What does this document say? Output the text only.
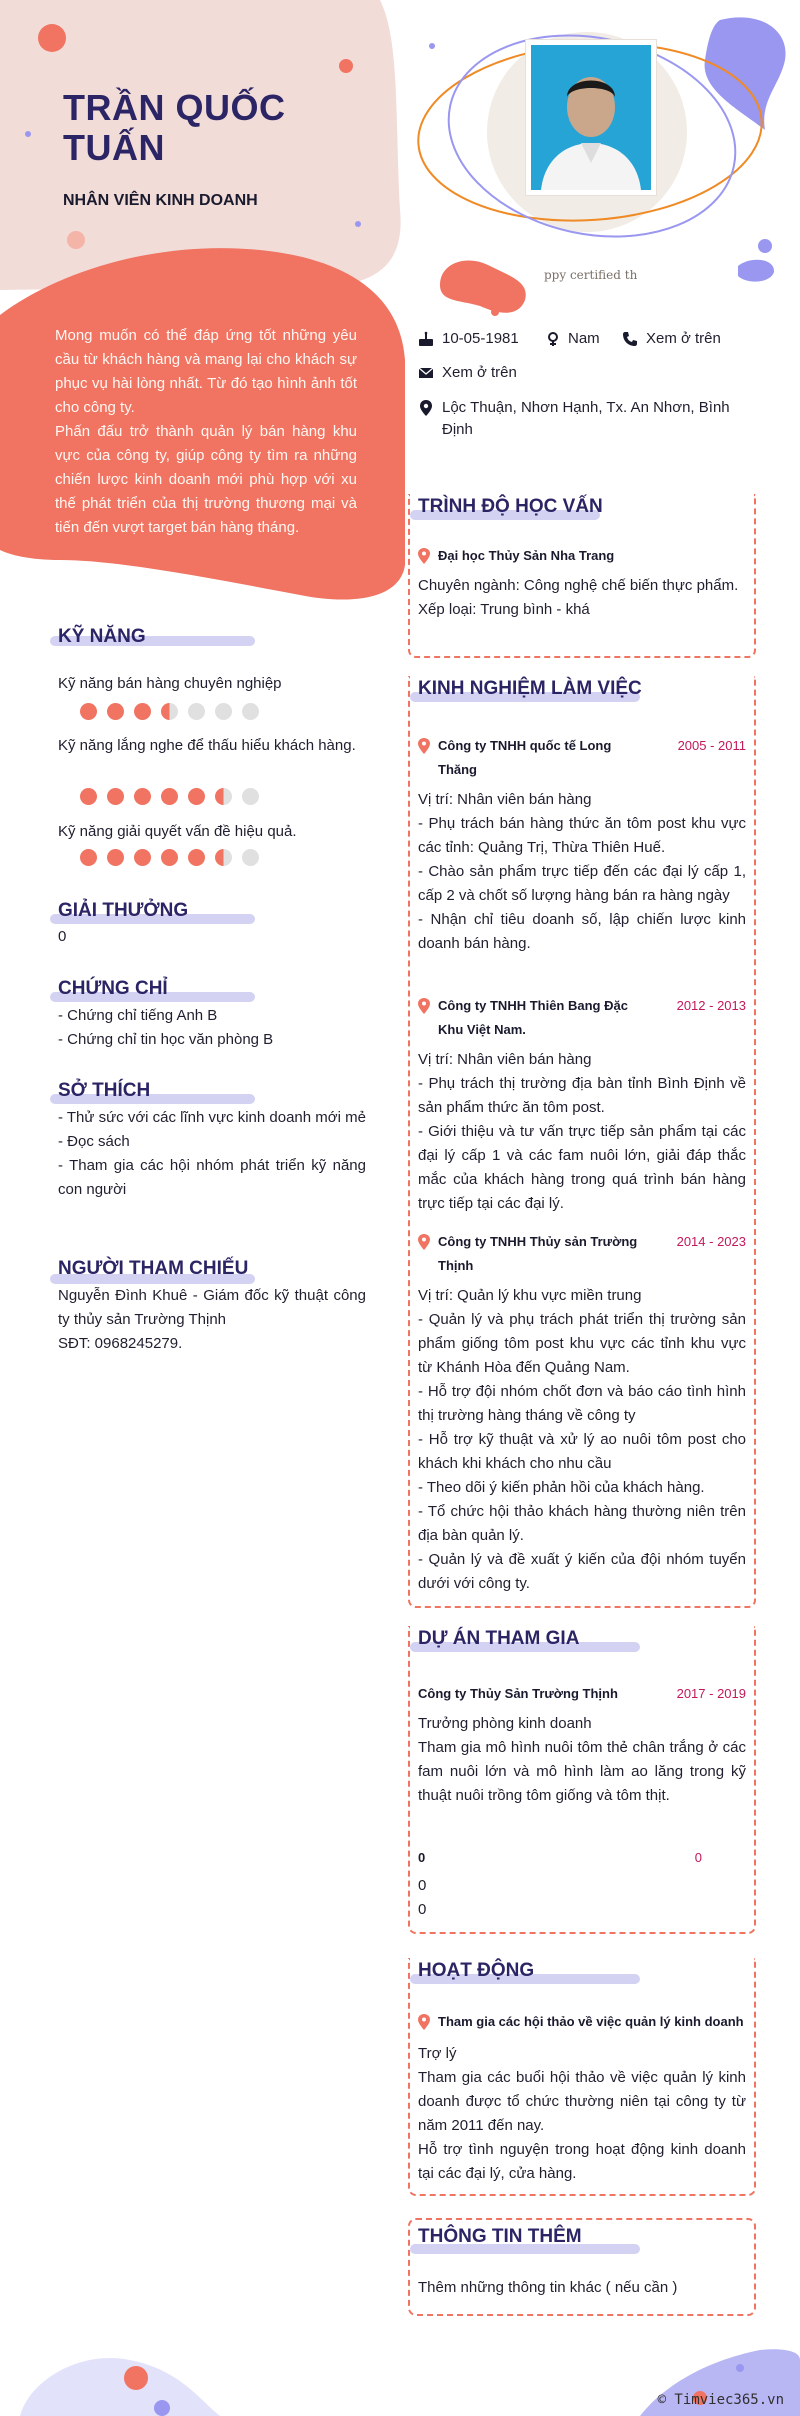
TRẦN QUỐC TUẤN

NHÂN VIÊN KINH DOANH

Mong muốn có thể đáp ứng tốt những yêu cầu từ khách hàng và mang lại cho khách sự phục vụ hài lòng nhất. Từ đó tạo hình ảnh tốt cho công ty.
Phấn đấu trở thành quản lý bán hàng khu vực của công ty, giúp công ty tìm ra những chiến lược kinh doanh mới phù hợp với xu thế phát triển của thị trường thương mại và tiến đến vượt target bán hàng tháng.

ppy certified th
10-05-1981	Nam	Xem ở trên
Xem ở trên
Lộc Thuận, Nhơn Hạnh, Tx. An Nhơn, Bình Định
KỸ NĂNG
Kỹ năng bán hàng chuyên nghiệp
Kỹ năng lắng nghe để thấu hiểu khách hàng.
Kỹ năng giải quyết vấn đề hiệu quả.
GIẢI THƯỞNG

0

CHỨNG CHỈ
- Chứng chỉ tiếng Anh B
- Chứng chỉ tin học văn phòng B
SỞ THÍCH
- Thử sức với các lĩnh vực kinh doanh mới mẻ
- Đọc sách
- Tham gia các hội nhóm phát triển kỹ năng con người
NGƯỜI THAM CHIẾU
Nguyễn Đình Khuê - Giám đốc kỹ thuật công ty thủy sản Trường Thịnh
SĐT: 0968245279.
TRÌNH ĐỘ HỌC VẤN
Đại học Thủy Sản Nha Trang
Chuyên ngành: Công nghệ chế biến thực phẩm.
Xếp loại: Trung bình - khá
KINH NGHIỆM LÀM VIỆC
Công ty TNHH quốc tế Long Thăng
2005 - 2011
Vị trí: Nhân viên bán hàng
- Phụ trách bán hàng thức ăn tôm post khu vực các tỉnh: Quảng Trị, Thừa Thiên Huế.
- Chào sản phẩm trực tiếp đến các đại lý cấp 1, cấp 2 và chốt số lượng hàng bán ra hàng ngày
- Nhận chỉ tiêu doanh số, lập chiến lược kinh doanh bán hàng.
Công ty TNHH Thiên Bang Đặc Khu Việt Nam.
2012 - 2013
Vị trí: Nhân viên bán hàng
- Phụ trách thị trường địa bàn tỉnh Bình Định về sản phẩm thức ăn tôm post.
- Giới thiệu và tư vấn trực tiếp sản phẩm tại các đại lý cấp 1 và các fam nuôi lớn, giải đáp thắc mắc của khách hàng trong quá trình bán hàng trực tiếp tại các đại lý.
Công ty TNHH Thủy sản Trường Thịnh
2014 - 2023
Vị trí: Quản lý khu vực miền trung
- Quản lý và phụ trách phát triển thị trường sản phẩm giống tôm post khu vực các tỉnh khu vực từ Khánh Hòa đến Quảng Nam.
- Hỗ trợ đội nhóm chốt đơn và báo cáo tình hình thị trường hàng tháng về công ty
- Hỗ trợ kỹ thuật và xử lý ao nuôi tôm post cho khách khi khách cho nhu cầu
- Theo dõi ý kiến phản hồi của khách hàng.
- Tổ chức hội thảo khách hàng thường niên trên địa bàn quản lý.
- Quản lý và đề xuất ý kiến của đội nhóm tuyển dưới với công ty.
DỰ ÁN THAM GIA
Công ty Thủy Sản Trường Thịnh	2017 - 2019
Trưởng phòng kinh doanh
Tham gia mô hình nuôi tôm thẻ chân trắng ở các fam nuôi lớn và mô hình làm ao lăng trong kỹ thuật nuôi trồng tôm giống và tôm thịt.
0	0
0
0
HOẠT ĐỘNG
Tham gia các hội thảo về việc quản lý kinh doanh
Trợ lý
Tham gia các buổi hội thảo về việc quản lý kinh doanh được tổ chức thường niên tại công ty từ năm 2011 đến nay.
Hỗ trợ tình nguyện trong hoạt động kinh doanh tại các đại lý, cửa hàng.
THÔNG TIN THÊM

Thêm những thông tin khác ( nếu cần )

© Timviec365.vn
